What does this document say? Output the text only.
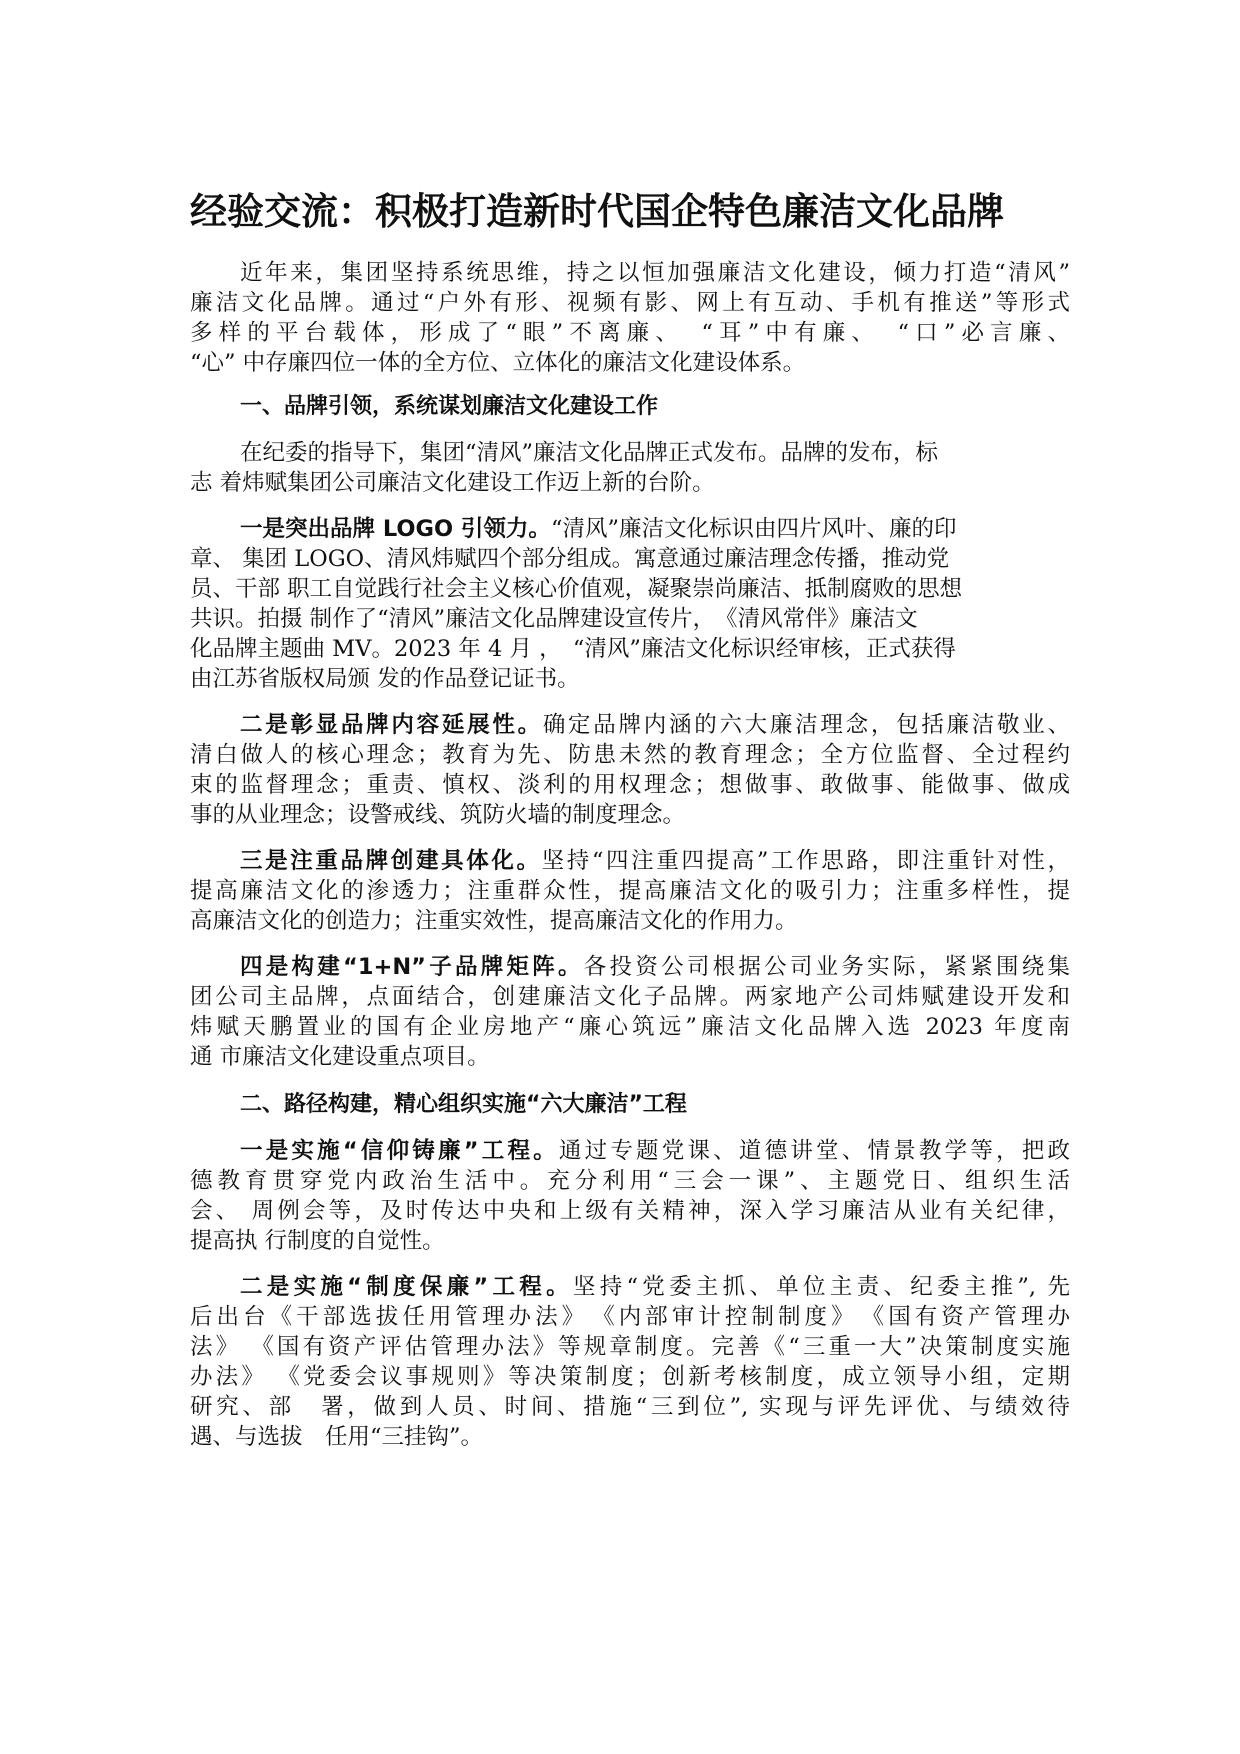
经验交流：积极打造新时代国企特色廉洁文化品牌

近年来，集团坚持系统思维，持之以恒加强廉洁文化建设，倾力打造“清风”

廉洁文化品牌。通过“户外有形、视频有影、网上有互动、手机有推送”等形式

多样的平台载体，形成了“眼”不离廉、　“耳”中有廉、　“口”必言廉、

“心” 中存廉四位一体的全方位、立体化的廉洁文化建设体系。

一、品牌引领，系统谋划廉洁文化建设工作

在纪委的指导下，集团“清风”廉洁文化品牌正式发布。品牌的发布，标

志 着炜赋集团公司廉洁文化建设工作迈上新的台阶。

一是突出品牌 LOGO 引领力。“清风”廉洁文化标识由四片风叶、廉的印

章、 集团 LOGO、清风炜赋四个部分组成。寓意通过廉洁理念传播，推动党

员、干部 职工自觉践行社会主义核心价值观，凝聚崇尚廉洁、抵制腐败的思想

共识。拍摄 制作了“清风”廉洁文化品牌建设宣传片，　《清风常伴》廉洁文

化品牌主题曲 MV。2023 年 4 月 ，　“清风”廉洁文化标识经审核，正式获得

由江苏省版权局颁 发的作品登记证书。

二是彰显品牌内容延展性。确定品牌内涵的六大廉洁理念，包括廉洁敬业、

清白做人的核心理念；教育为先、防患未然的教育理念；全方位监督、全过程约

束的监督理念；重责、慎权、淡利的用权理念；想做事、敢做事、能做事、做成

事的从业理念；设警戒线、筑防火墙的制度理念。

三是注重品牌创建具体化。坚持“四注重四提高”工作思路，即注重针对性，

提高廉洁文化的渗透力；注重群众性，提高廉洁文化的吸引力；注重多样性，提

高廉洁文化的创造力；注重实效性，提高廉洁文化的作用力。

四是构建“1+N”子品牌矩阵。各投资公司根据公司业务实际，紧紧围绕集

团公司主品牌，点面结合，创建廉洁文化子品牌。两家地产公司炜赋建设开发和

炜赋天鹏置业的国有企业房地产“廉心筑远”廉洁文化品牌入选 2023 年度南

通 市廉洁文化建设重点项目。

二、路径构建，精心组织实施“六大廉洁”工程

一是实施“信仰铸廉”工程。通过专题党课、道德讲堂、情景教学等，把政

德教育贯穿党内政治生活中。充分利用“三会一课”、主题党日、组织生活

会、 周例会等，及时传达中央和上级有关精神，深入学习廉洁从业有关纪律，

提高执 行制度的自觉性。

二是实施“制度保廉”工程。坚持“党委主抓、单位主责、纪委主推”, 先

后出台《干部选拔任用管理办法》　《内部审计控制制度》　《国有资产管理办

法》 《国有资产评估管理办法》等规章制度。完善《“三重一大”决策制度实施

办法》 《党委会议事规则》等决策制度；创新考核制度，成立领导小组，定期

研究、部　署，做到人员、时间、措施“三到位”, 实现与评先评优、与绩效待

遇、与选拔　任用“三挂钩”。
